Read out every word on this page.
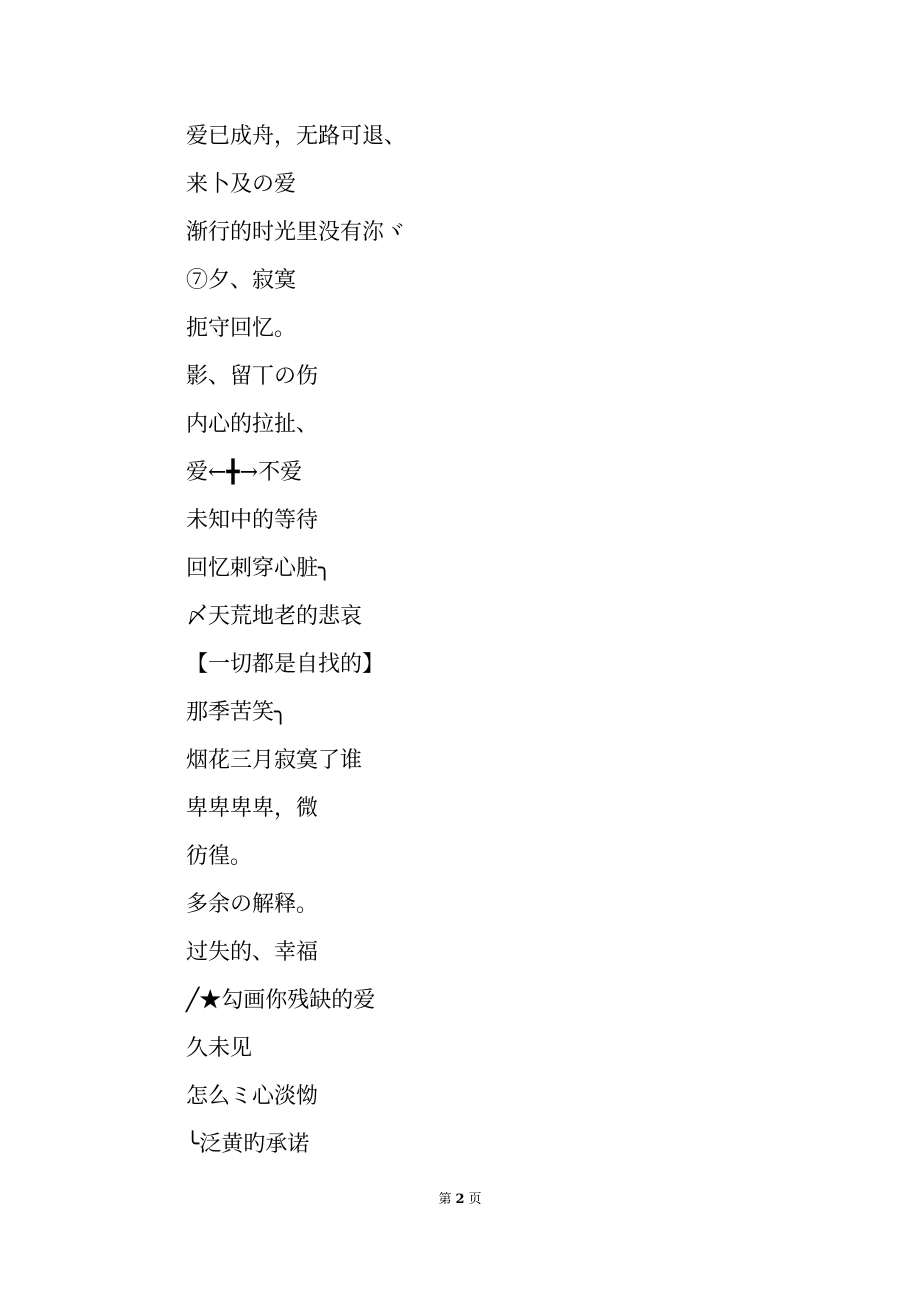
爱已成舟，无路可退、
来卜及の爱
渐行的时光里没有沵ヾ
⑦夕、寂寞
扼守回忆。
影、留丅の伤
内心的拉扯、
爱←╋→不爱
未知中的等待
回忆刺穿心脏╮
〆天荒地老的悲哀
【一切都是自找的】
那季苦笑╮
烟花三月寂寞了谁
卑卑卑卑，微
彷徨。
多余の解释。
过失的、幸福
╱★勾画你残缺的爱
久未见
怎么ミ心淡怮
╰泛黄旳承诺
第 2 页
